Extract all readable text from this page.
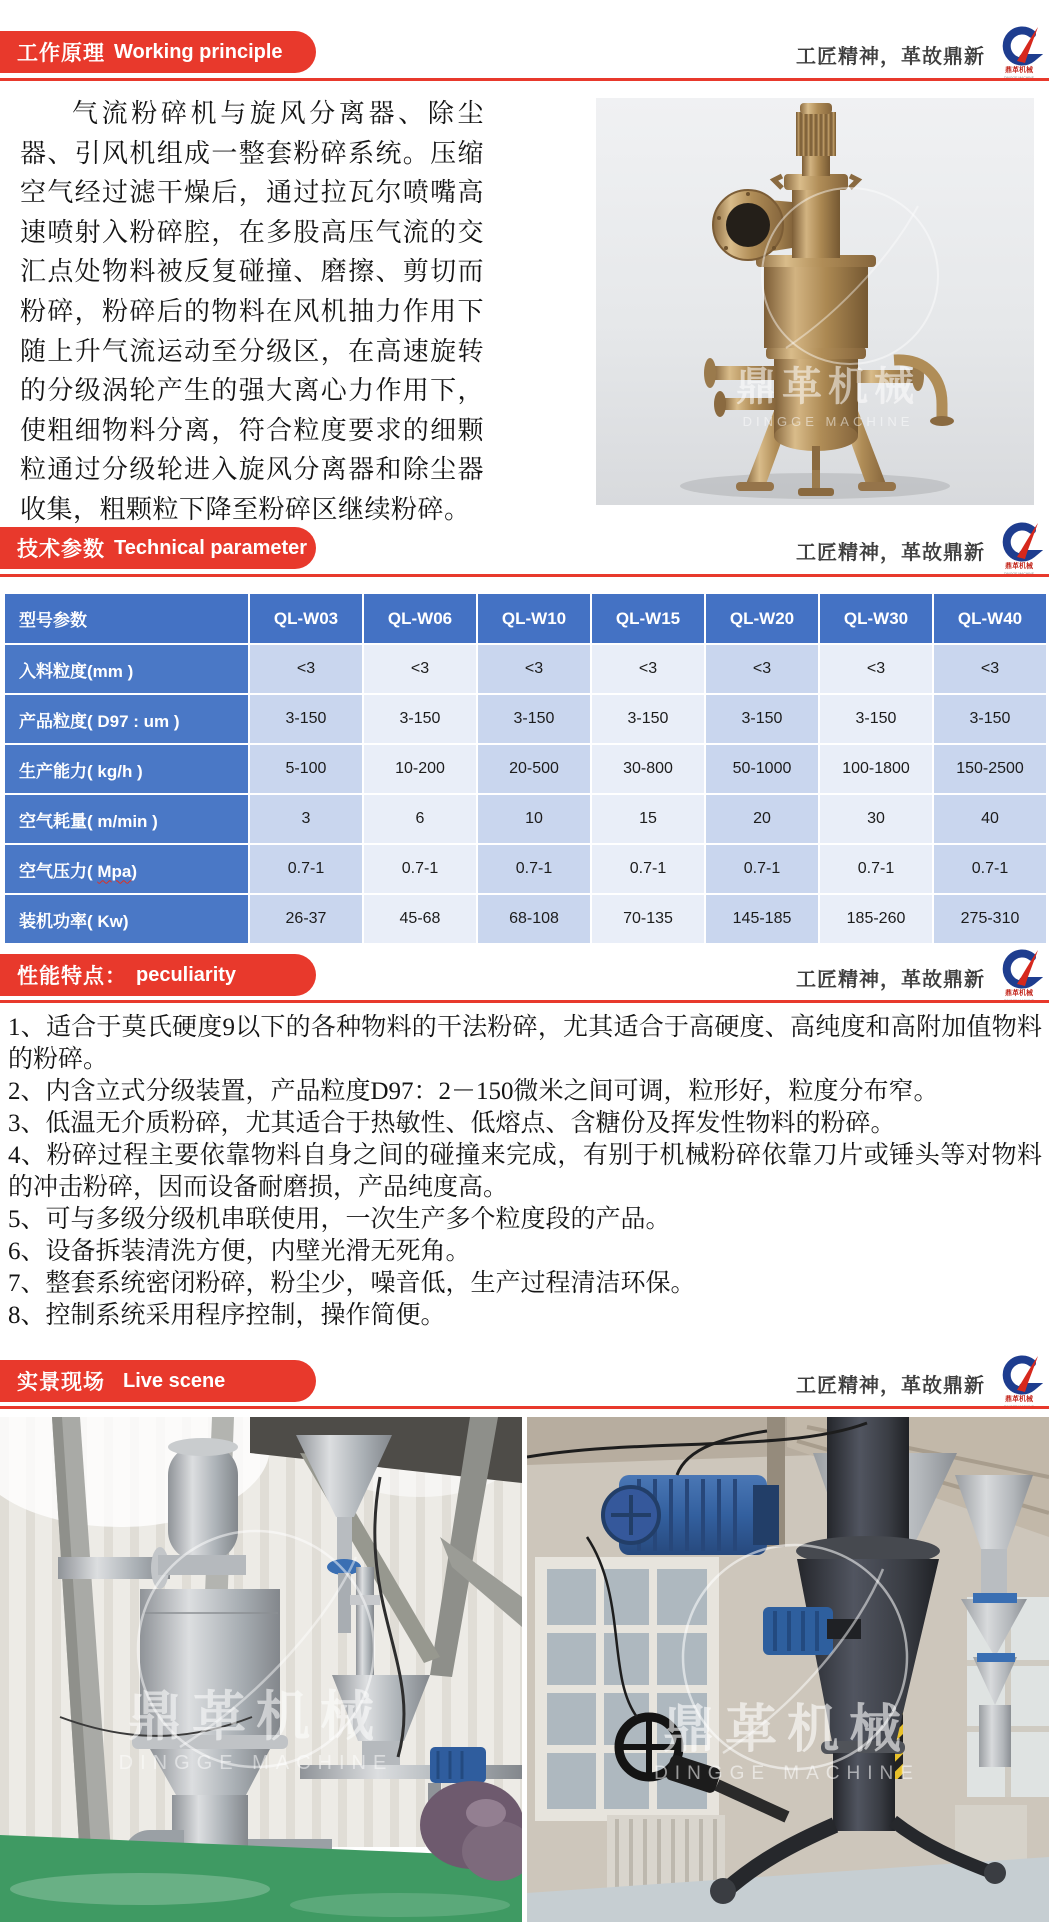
工作原理 Working principle	工匠精神，革故鼎新
鼎革机械
气流粉碎机与旋风分离器、除尘器、引风机组成一整套粉碎系统。压缩空气经过滤干燥后，通过拉瓦尔喷嘴高速喷射入粉碎腔，在多股高压气流的交汇点处物料被反复碰撞、磨擦、剪切而粉碎，粉碎后的物料在风机抽力作用下随上升气流运动至分级区，在高速旋转的分级涡轮产生的强大离心力作用下，使粗细物料分离，符合粒度要求的细颗粒通过分级轮进入旋风分离器和除尘器收集，粗颗粒下降至粉碎区继续粉碎。
鼎革机械
DINGGE MACHINE
技术参数 Technical parameter	工匠精神，革故鼎新
鼎革机械
型号参数	QL-W03	QL-W06	QL-W10	QL-W15	QL-W20	QL-W30	QL-W40
入料粒度(mm )	<3	<3	<3	<3	<3	<3	<3
产品粒度( D97 : um )	3-150	3-150	3-150	3-150	3-150	3-150	3-150
生产能力( kg/h )	5-100	10-200	20-500	30-800	50-1000	100-1800	150-2500
空气耗量( m/min )	3	6	10	15	20	30	40
空气压力( Mpa)	0.7-1	0.7-1	0.7-1	0.7-1	0.7-1	0.7-1	0.7-1
装机功率( Kw)	26-37	45-68	68-108	70-135	145-185	185-260	275-310
性能特点： peculiarity	工匠精神，革故鼎新
鼎革机械

1、适合于莫氏硬度9以下的各种物料的干法粉碎，尤其适合于高硬度、高纯度和高附加值物料的粉碎。

2、内含立式分级装置，产品粒度D97：2－150微米之间可调，粒形好，粒度分布窄。

3、低温无介质粉碎，尤其适合于热敏性、低熔点、含糖份及挥发性物料的粉碎。

4、粉碎过程主要依靠物料自身之间的碰撞来完成，有别于机械粉碎依靠刀片或锤头等对物料的冲击粉碎，因而设备耐磨损，产品纯度高。

5、可与多级分级机串联使用，一次生产多个粒度段的产品。

6、设备拆装清洗方便，内壁光滑无死角。

7、整套系统密闭粉碎，粉尘少，噪音低，生产过程清洁环保。

8、控制系统采用程序控制，操作简便。

实景现场 Live scene	工匠精神，革故鼎新
鼎革机械
鼎革机械
DINGGE MACHINE
鼎革机械
DINGGE MACHINE
